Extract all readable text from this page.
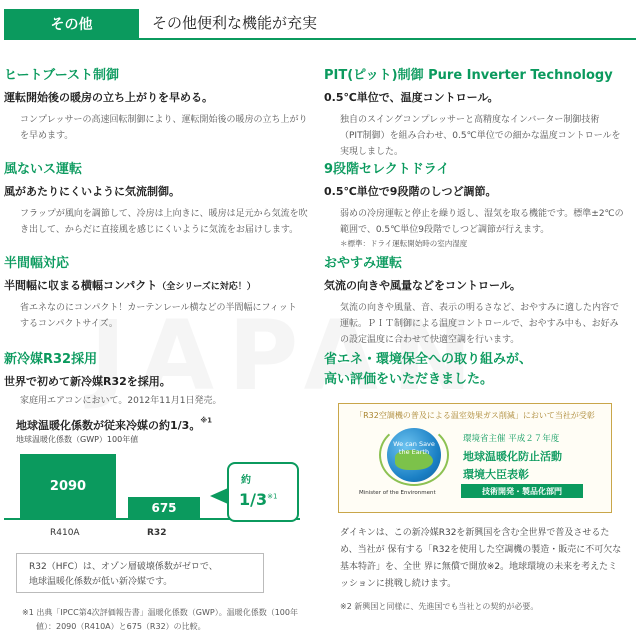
その他	その他便利な機能が充実
ヒートブースト制御
運転開始後の暖房の立ち上がりを早める。
コンプレッサーの高速回転制御により、運転開始後の暖房の立ち上がり
を早めます。
風ないス運転
風があたりにくいように気流制御。
フラップが風向を調節して、冷房は上向きに、暖房は足元から気流を吹
き出して、からだに直接風を感じにくいように気流をお届けします。
半間幅対応
半間幅に収まる横幅コンパクト（全シリーズに対応！）
省エネなのにコンパクト！カーテンレール横などの半間幅にフィット
するコンパクトサイズ。
新冷媒R32採用
世界で初めて新冷媒R32を採用。
家庭用エアコンにおいて。2012年11月1日発売。
地球温暖化係数が従来冷媒の約1/3。$^{※1}$
地球温暖化係数（GWP）100年値
2090
675
R410A	R32
約
1/3$^{※1}$
R32（HFC）は、オゾン層破壊係数がゼロで、
地球温暖化係数が低い新冷媒です。
※1 出典「IPCC第4次評価報告書」温暖化係数（GWP）。温暖化係数（100年
値）：2090（R410A）と675（R32）の比較。
PIT(ピット)制御 Pure Inverter Technology
0.5℃単位で、温度コントロール。
独自のスイングコンプレッサーと高精度なインバーター制御技術
（PIT制御）を組み合わせ、0.5℃単位での細かな温度コントロールを
実現しました。
9段階セレクトドライ
0.5℃単位で9段階のしつど調節。
弱めの冷房運転と停止を繰り返し、湿気を取る機能です。標準±2℃の
範囲で、0.5℃単位9段階でしつど調節が行えます。
＊標準：ドライ運転開始時の室内湿度
おやすみ運転
気流の向きや風量などをコントロール。
気流の向きや風量、音、表示の明るさなど、おやすみに適した内容で
運転。ＰＩＴ制御による温度コントロールで、おやすみ中も、お好み
の設定温度に合わせて快適空調を行います。
省エネ・環境保全への取り組みが、
高い評価をいただきました。
「R32空調機の普及による温室効果ガス削減」において当社が受彰
We can Save the Earth
Minister of the Environment
環境省主催 平成２７年度
地球温暖化防止活動
環境大臣表彰
技術開発・製品化部門
ダイキンは、この新冷媒R32を新興国を含む全世界で普及させるた
め、当社が 保有する「R32を使用した空調機の製造・販売に不可欠な
基本特許」を、全世 界に無償で開放※2。地球環境の未来を考えたミ
ッションに挑戦し続けます。
※2 新興国と同様に、先進国でも当社との契約が必要。
